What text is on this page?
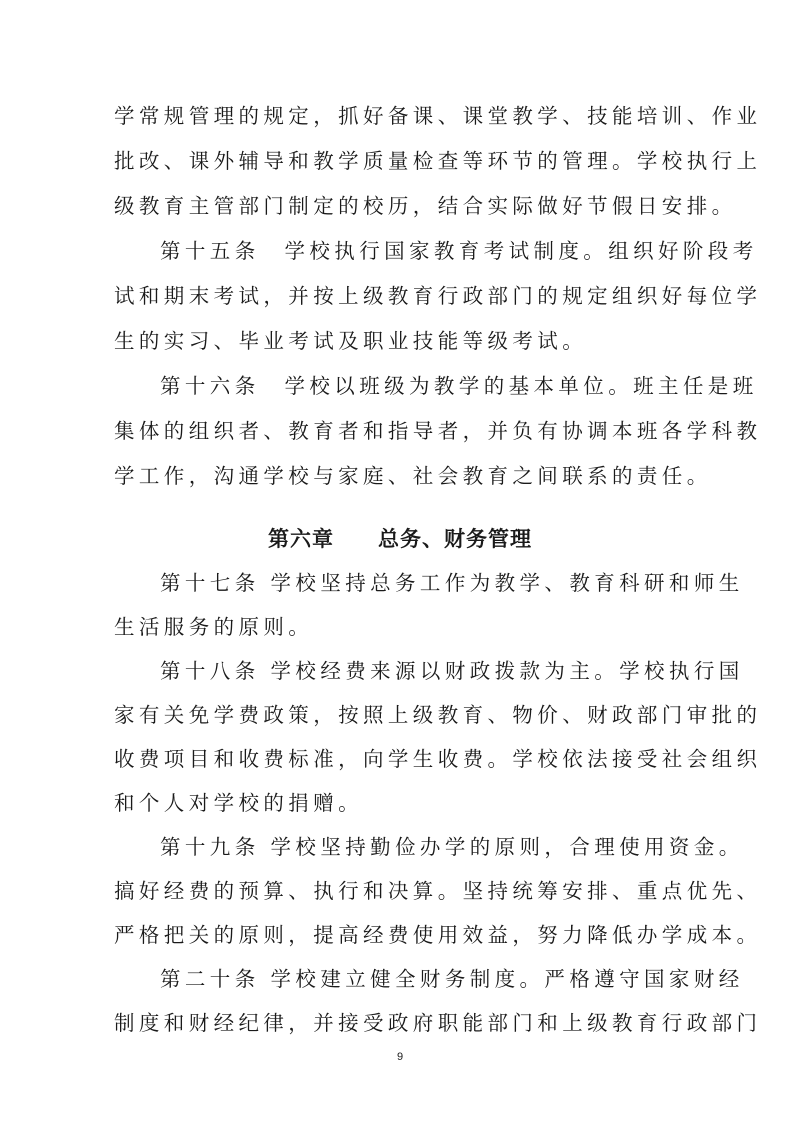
学常规管理的规定，抓好备课、课堂教学、技能培训、作业
批改、课外辅导和教学质量检查等环节的管理。学校执行上
级教育主管部门制定的校历，结合实际做好节假日安排。
第十五条　学校执行国家教育考试制度。组织好阶段考
试和期末考试，并按上级教育行政部门的规定组织好每位学
生的实习、毕业考试及职业技能等级考试。
第十六条　学校以班级为教学的基本单位。班主任是班
集体的组织者、教育者和指导者，并负有协调本班各学科教
学工作，沟通学校与家庭、社会教育之间联系的责任。
第六章 总务、财务管理
第十七条 学校坚持总务工作为教学、教育科研和师生
生活服务的原则。
第十八条 学校经费来源以财政拨款为主。学校执行国
家有关免学费政策，按照上级教育、物价、财政部门审批的
收费项目和收费标准，向学生收费。学校依法接受社会组织
和个人对学校的捐赠。
第十九条 学校坚持勤俭办学的原则，合理使用资金。
搞好经费的预算、执行和决算。坚持统筹安排、重点优先、
严格把关的原则，提高经费使用效益，努力降低办学成本。
第二十条 学校建立健全财务制度。严格遵守国家财经
制度和财经纪律，并接受政府职能部门和上级教育行政部门
9
